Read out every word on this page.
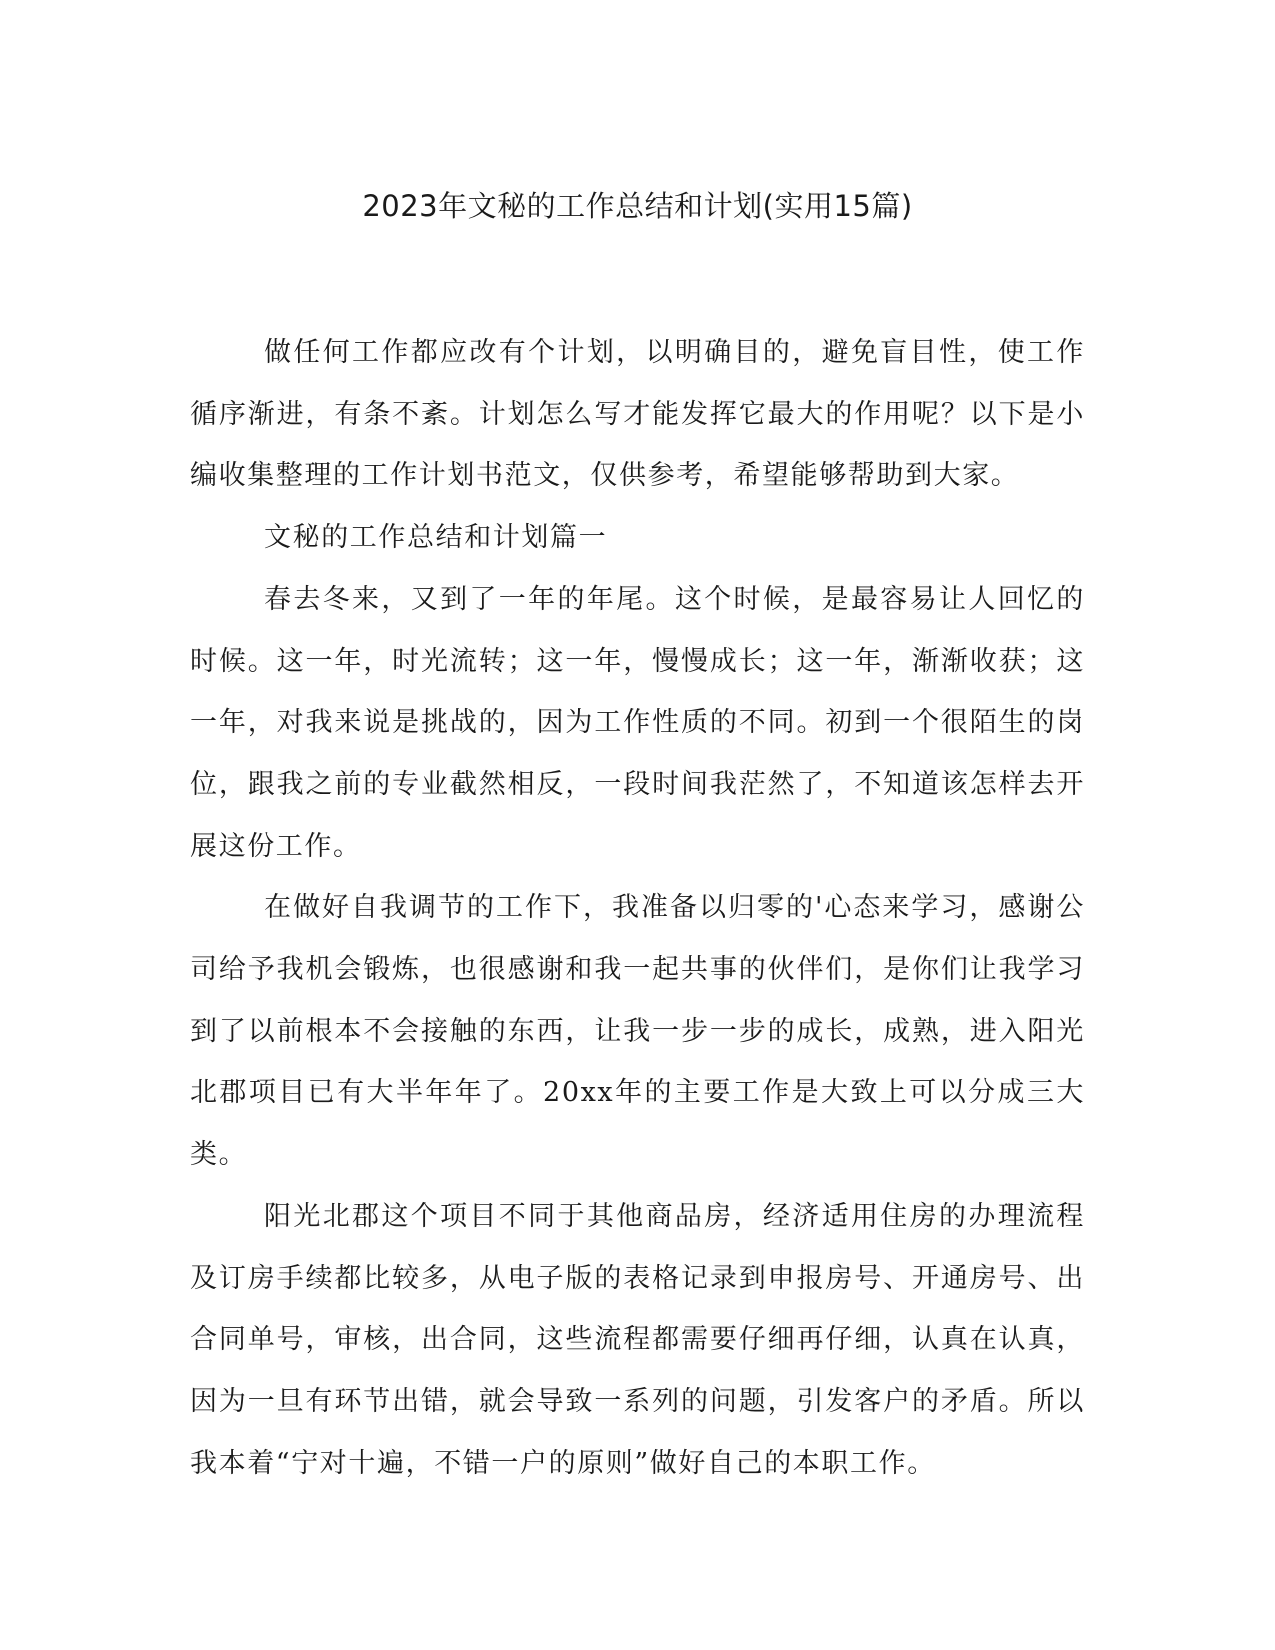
2023年文秘的工作总结和计划(实用15篇)

做任何工作都应改有个计划，以明确目的，避免盲目性，使工作循序渐进，有条不紊。计划怎么写才能发挥它最大的作用呢？以下是小编收集整理的工作计划书范文，仅供参考，希望能够帮助到大家。

文秘的工作总结和计划篇一

春去冬来，又到了一年的年尾。这个时候，是最容易让人回忆的时候。这一年，时光流转；这一年，慢慢成长；这一年，渐渐收获；这一年，对我来说是挑战的，因为工作性质的不同。初到一个很陌生的岗位，跟我之前的专业截然相反，一段时间我茫然了，不知道该怎样去开展这份工作。

在做好自我调节的工作下，我准备以归零的'心态来学习，感谢公司给予我机会锻炼，也很感谢和我一起共事的伙伴们，是你们让我学习到了以前根本不会接触的东西，让我一步一步的成长，成熟，进入阳光北郡项目已有大半年年了。20xx年的主要工作是大致上可以分成三大类。

阳光北郡这个项目不同于其他商品房，经济适用住房的办理流程及订房手续都比较多，从电子版的表格记录到申报房号、开通房号、出合同单号，审核，出合同，这些流程都需要仔细再仔细，认真在认真，因为一旦有环节出错，就会导致一系列的问题，引发客户的矛盾。所以我本着“宁对十遍，不错一户的原则”做好自己的本职工作。
